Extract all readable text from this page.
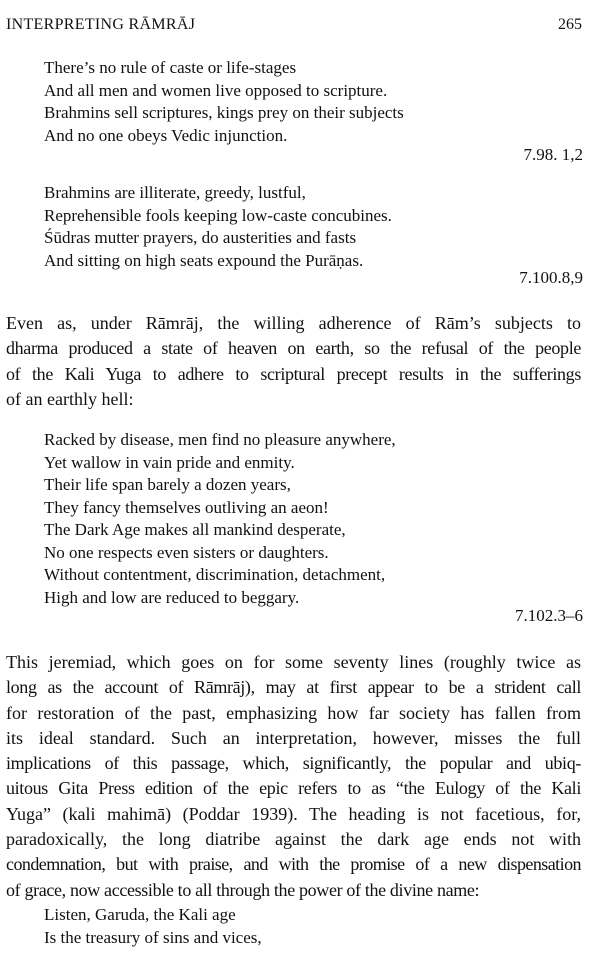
INTERPRETING RĀMRĀJ	265
There’s no rule of caste or life-stages
And all men and women live opposed to scripture.
Brahmins sell scriptures, kings prey on their subjects
And no one obeys Vedic injunction.
7.98. 1,2
Brahmins are illiterate, greedy, lustful,
Reprehensible fools keeping low-caste concubines.
Śūdras mutter prayers, do austerities and fasts
And sitting on high seats expound the Purāṇas.
7.100.8,9
Even as, under Rāmrāj, the willing adherence of Rām’s subjects to
dharma produced a state of heaven on earth, so the refusal of the people
of the Kali Yuga to adhere to scriptural precept results in the sufferings
of an earthly hell:
Racked by disease, men find no pleasure anywhere,
Yet wallow in vain pride and enmity.
Their life span barely a dozen years,
They fancy themselves outliving an aeon!
The Dark Age makes all mankind desperate,
No one respects even sisters or daughters.
Without contentment, discrimination, detachment,
High and low are reduced to beggary.
7.102.3–6
This jeremiad, which goes on for some seventy lines (roughly twice as
long as the account of Rāmrāj), may at first appear to be a strident call
for restoration of the past, emphasizing how far society has fallen from
its ideal standard. Such an interpretation, however, misses the full
implications of this passage, which, significantly, the popular and ubiq-
uitous Gita Press edition of the epic refers to as “the Eulogy of the Kali
Yuga” (kali mahimā) (Poddar 1939). The heading is not facetious, for,
paradoxically, the long diatribe against the dark age ends not with
condemnation, but with praise, and with the promise of a new dispensation
of grace, now accessible to all through the power of the divine name:
Listen, Garuda, the Kali age
Is the treasury of sins and vices,
